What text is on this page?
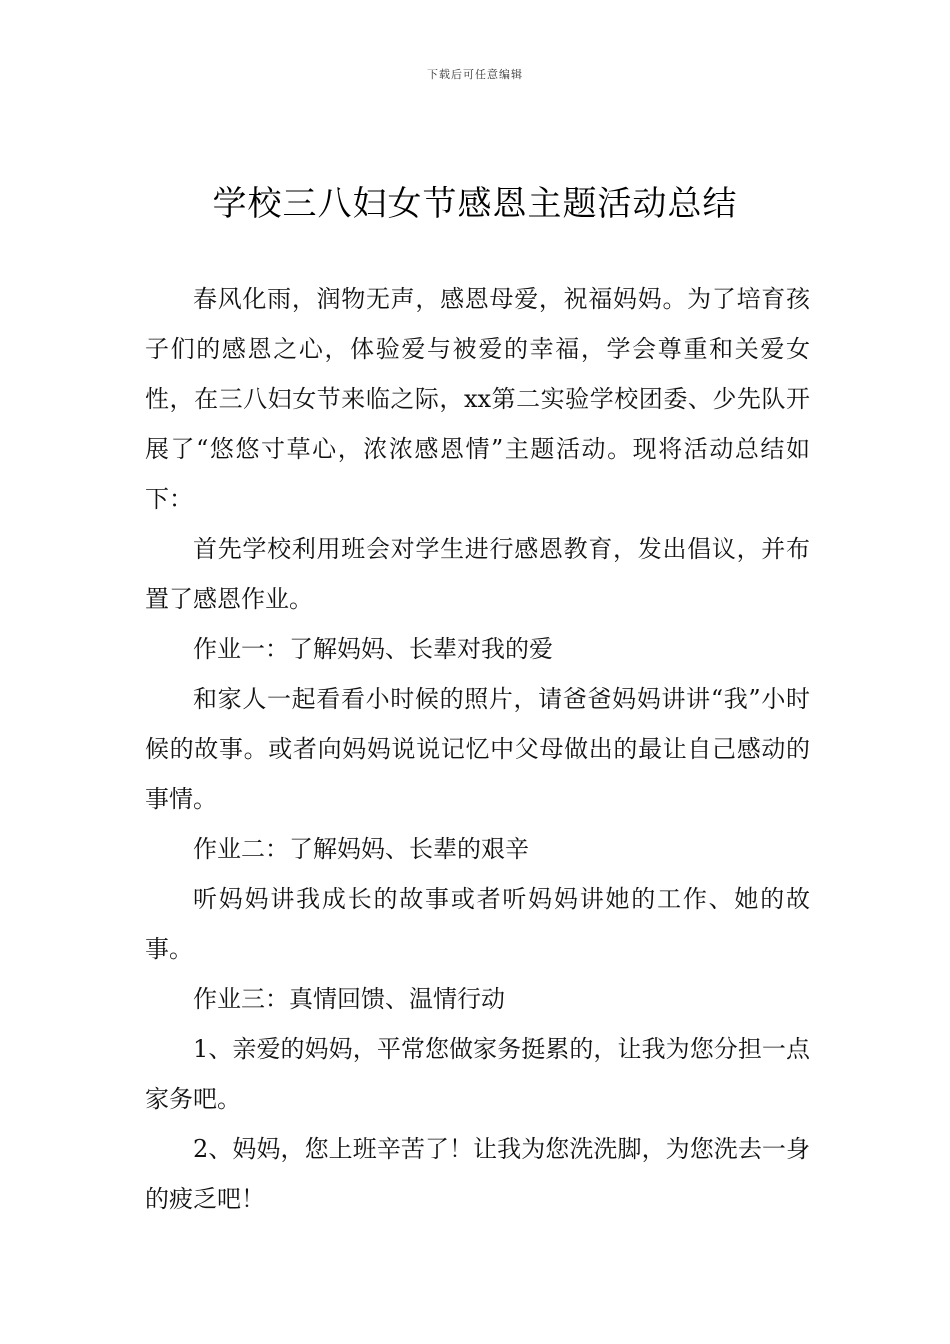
下载后可任意编辑
学校三八妇女节感恩主题活动总结

春风化雨，润物无声，感恩母爱，祝福妈妈。为了培育孩子们的感恩之心，体验爱与被爱的幸福，学会尊重和关爱女性，在三八妇女节来临之际，xx第二实验学校团委、少先队开展了“悠悠寸草心，浓浓感恩情”主题活动。现将活动总结如下：

首先学校利用班会对学生进行感恩教育，发出倡议，并布置了感恩作业。

作业一：了解妈妈、长辈对我的爱

和家人一起看看小时候的照片，请爸爸妈妈讲讲“我”小时候的故事。或者向妈妈说说记忆中父母做出的最让自己感动的事情。

作业二：了解妈妈、长辈的艰辛

听妈妈讲我成长的故事或者听妈妈讲她的工作、她的故事。

作业三：真情回馈、温情行动

1、亲爱的妈妈，平常您做家务挺累的，让我为您分担一点家务吧。

2、妈妈，您上班辛苦了！让我为您洗洗脚，为您洗去一身的疲乏吧！
